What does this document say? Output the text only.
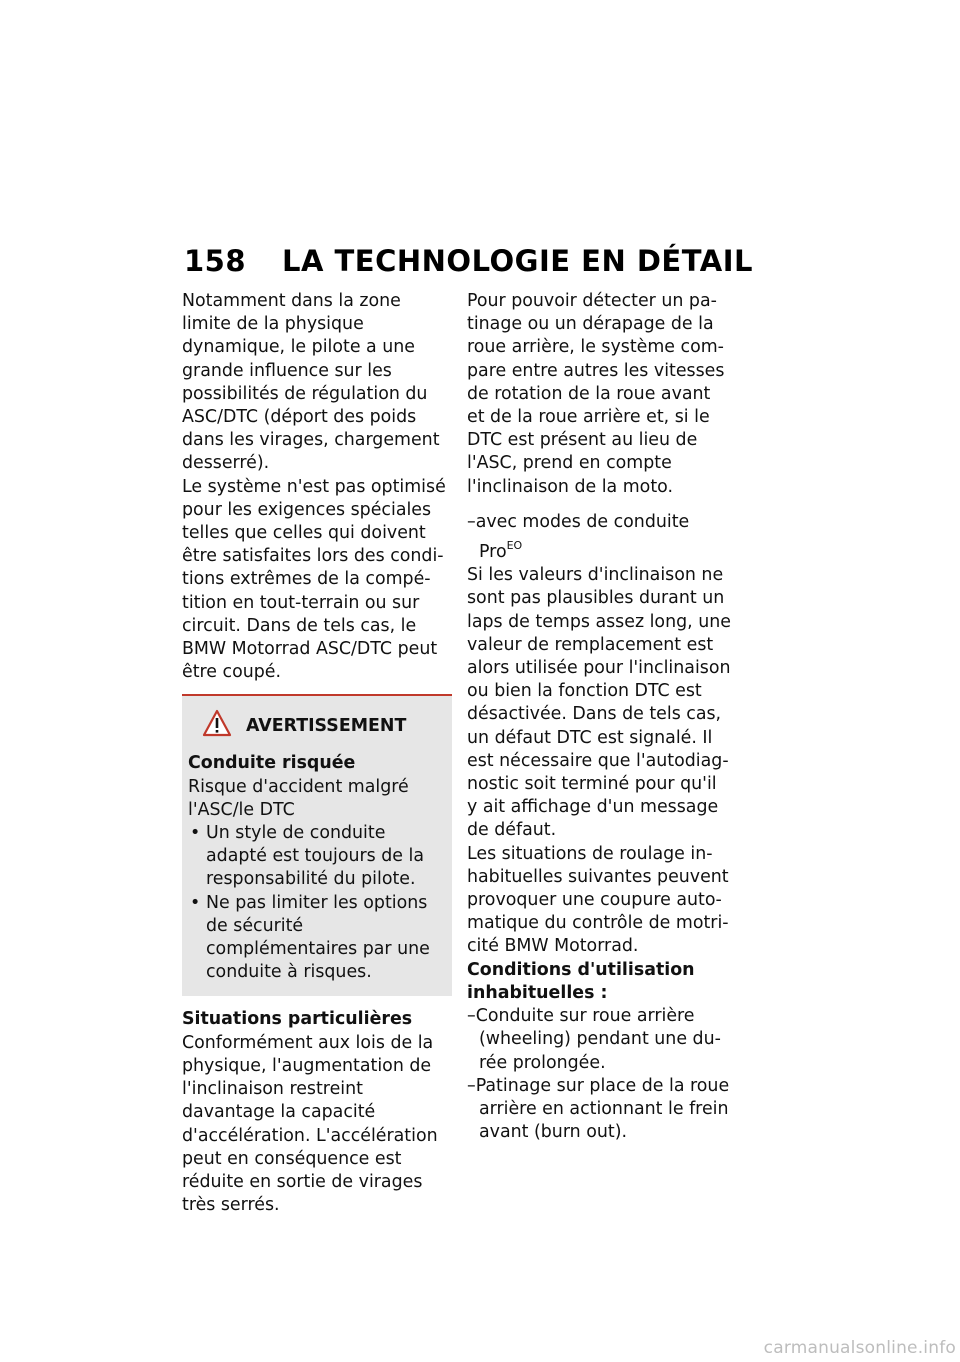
158 LA TECHNOLOGIE EN DÉTAIL

Notamment dans la zone limite de la physique dynamique, le pilote a une grande influence sur les possibilités de régulation du ASC/DTC (déport des poids dans les virages, chargement desserré).

Le système n'est pas optimisé pour les exigences spéciales telles que celles qui doivent être satisfaites lors des conditions extrêmes de la compétition en tout-terrain ou sur circuit. Dans de tels cas, le BMW Motorrad ASC/DTC peut être coupé.

AVERTISSEMENT

Conduite risquée

Risque d'accident malgré l'ASC/le DTC

• Un style de conduite adapté est toujours de la responsabilité du pilote.
• Ne pas limiter les options de sécurité complémentaires par une conduite à risques.

Situations particulières

Conformément aux lois de la physique, l'augmentation de l'inclinaison restreint davantage la capacité d'accélération. L'accélération peut en conséquence est réduite en sortie de virages très serrés.

Pour pouvoir détecter un patinage ou un dérapage de la roue arrière, le système compare entre autres les vitesses de rotation de la roue avant et de la roue arrière et, si le DTC est présent au lieu de l'ASC, prend en compte l'inclinaison de la moto.

–avec modes de conduite
Pro$^{EO}$

Si les valeurs d'inclinaison ne sont pas plausibles durant un laps de temps assez long, une valeur de remplacement est alors utilisée pour l'inclinaison ou bien la fonction DTC est désactivée. Dans de tels cas, un défaut DTC est signalé. Il est nécessaire que l'autodiagnostic soit terminé pour qu'il y ait affichage d'un message de défaut.

Les situations de roulage inhabituelles suivantes peuvent provoquer une coupure automatique du contrôle de motricité BMW Motorrad.

Conditions d'utilisation inhabituelles :

–Conduite sur roue arrière (wheeling) pendant une durée prolongée.
–Patinage sur place de la roue arrière en actionnant le frein avant (burn out).
carmanualsonline.info
